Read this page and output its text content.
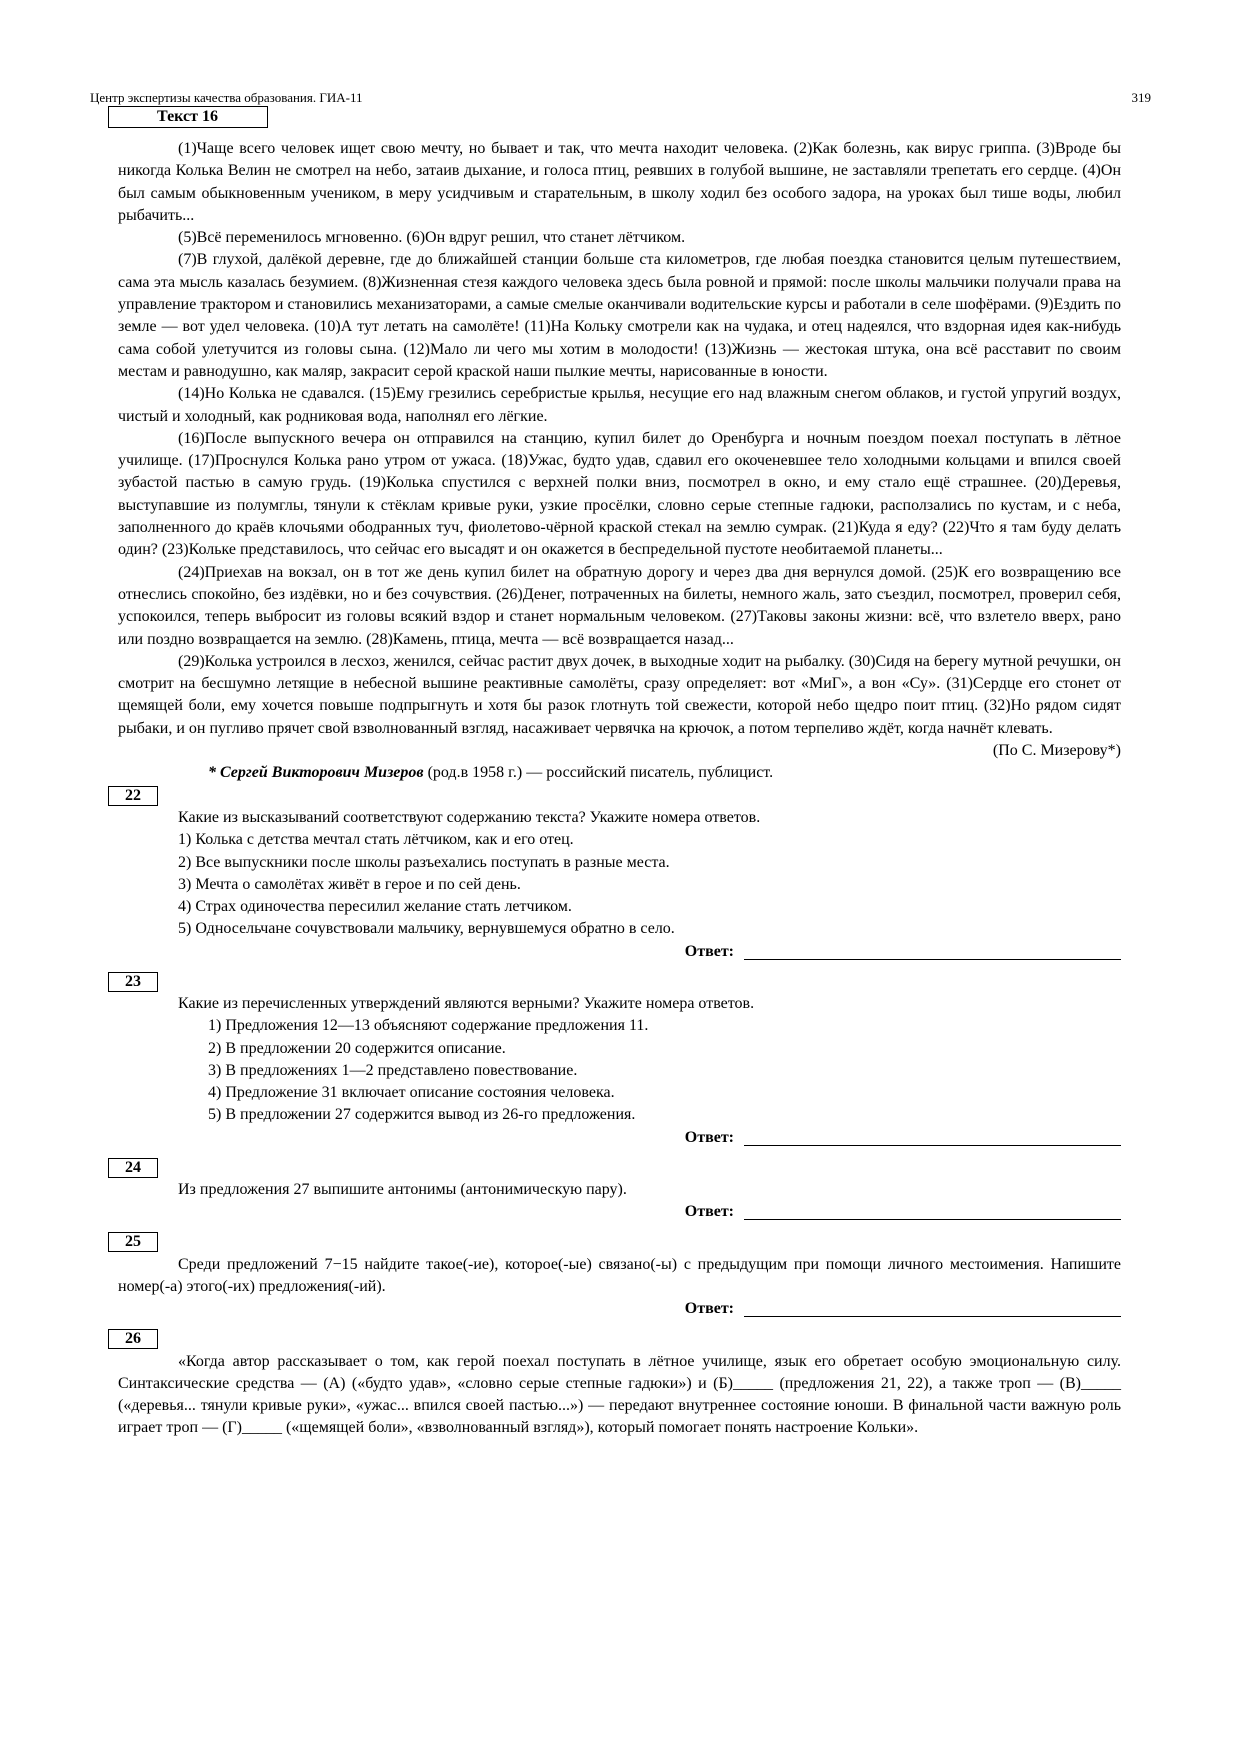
Центр экспертизы качества образования. ГИА-11	319
Текст 16

(1)Чаще всего человек ищет свою мечту, но бывает и так, что мечта находит человека. (2)Как болезнь, как вирус гриппа. (3)Вроде бы никогда Колька Велин не смотрел на небо, затаив дыхание, и голоса птиц, реявших в голубой вышине, не заставляли трепетать его сердце. (4)Он был самым обыкновенным учеником, в меру усидчивым и старательным, в школу ходил без особого задора, на уроках был тише воды, любил рыбачить...

(5)Всё переменилось мгновенно. (6)Он вдруг решил, что станет лётчиком.

(7)В глухой, далёкой деревне, где до ближайшей станции больше ста километров, где любая поездка становится целым путешествием, сама эта мысль казалась безумием. (8)Жизненная стезя каждого человека здесь была ровной и прямой: после школы мальчики получали права на управление трактором и становились механизаторами, а самые смелые оканчивали водительские курсы и работали в селе шофёрами. (9)Ездить по земле — вот удел человека. (10)А тут летать на самолёте! (11)На Кольку смотрели как на чудака, и отец надеялся, что вздорная идея как-нибудь сама собой улетучится из головы сына. (12)Мало ли чего мы хотим в молодости! (13)Жизнь — жестокая штука, она всё расставит по своим местам и равнодушно, как маляр, закрасит серой краской наши пылкие мечты, нарисованные в юности.

(14)Но Колька не сдавался. (15)Ему грезились серебристые крылья, несущие его над влажным снегом облаков, и густой упругий воздух, чистый и холодный, как родниковая вода, наполнял его лёгкие.

(16)После выпускного вечера он отправился на станцию, купил билет до Оренбурга и ночным поездом поехал поступать в лётное училище. (17)Проснулся Колька рано утром от ужаса. (18)Ужас, будто удав, сдавил его окоченевшее тело холодными кольцами и впился своей зубастой пастью в самую грудь. (19)Колька спустился с верхней полки вниз, посмотрел в окно, и ему стало ещё страшнее. (20)Деревья, выступавшие из полумглы, тянули к стёклам кривые руки, узкие просёлки, словно серые степные гадюки, расползались по кустам, и с неба, заполненного до краёв клочьями ободранных туч, фиолетово-чёрной краской стекал на землю сумрак. (21)Куда я еду? (22)Что я там буду делать один? (23)Кольке представилось, что сейчас его высадят и он окажется в беспредельной пустоте необитаемой планеты...

(24)Приехав на вокзал, он в тот же день купил билет на обратную дорогу и через два дня вернулся домой. (25)К его возвращению все отнеслись спокойно, без издёвки, но и без сочувствия. (26)Денег, потраченных на билеты, немного жаль, зато съездил, посмотрел, проверил себя, успокоился, теперь выбросит из головы всякий вздор и станет нормальным человеком. (27)Таковы законы жизни: всё, что взлетело вверх, рано или поздно возвращается на землю. (28)Камень, птица, мечта — всё возвращается назад...

(29)Колька устроился в лесхоз, женился, сейчас растит двух дочек, в выходные ходит на рыбалку. (30)Сидя на берегу мутной речушки, он смотрит на бесшумно летящие в небесной вышине реактивные самолёты, сразу определяет: вот «МиГ», а вон «Су». (31)Сердце его стонет от щемящей боли, ему хочется повыше подпрыгнуть и хотя бы разок глотнуть той свежести, которой небо щедро поит птиц. (32)Но рядом сидят рыбаки, и он пугливо прячет свой взволнованный взгляд, насаживает червячка на крючок, а потом терпеливо ждёт, когда начнёт клевать.

(По С. Мизерову*)

* Сергей Викторович Мизеров (род.в 1958 г.) — российский писатель, публицист.

22

Какие из высказываний соответствуют содержанию текста? Укажите номера ответов.

1) Колька с детства мечтал стать лётчиком, как и его отец.

2) Все выпускники после школы разъехались поступать в разные места.

3) Мечта о самолётах живёт в герое и по сей день.

4) Страх одиночества пересилил желание стать летчиком.

5) Односельчане сочувствовали мальчику, вернувшемуся обратно в село.

Ответ:

23

Какие из перечисленных утверждений являются верными? Укажите номера ответов.

1) Предложения 12—13 объясняют содержание предложения 11.

2) В предложении 20 содержится описание.

3) В предложениях 1—2 представлено повествование.

4) Предложение 31 включает описание состояния человека.

5) В предложении 27 содержится вывод из 26-го предложения.

Ответ:

24

Из предложения 27 выпишите антонимы (антонимическую пару).

Ответ:

25

Среди предложений 7−15 найдите такое(-ие), которое(-ые) связано(-ы) с предыдущим при помощи личного местоимения. Напишите номер(-а) этого(-их) предложения(-ий).

Ответ:

26

«Когда автор рассказывает о том, как герой поехал поступать в лётное училище, язык его обретает особую эмоциональную силу. Синтаксические средства — (А) («будто удав», «словно серые степные гадюки») и (Б)_____ (предложения 21, 22), а также троп — (В)_____ («деревья... тянули кривые руки», «ужас... впился своей пастью...») — передают внутреннее состояние юноши. В финальной части важную роль играет троп — (Г)_____ («щемящей боли», «взволнованный взгляд»), который помогает понять настроение Кольки».
